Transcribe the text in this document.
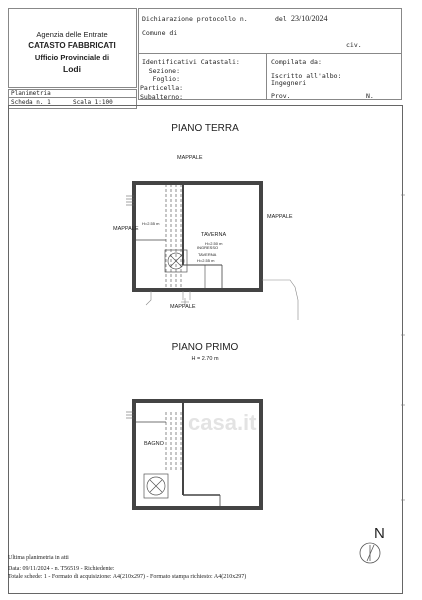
Agenzia delle Entrate
CATASTO FABBRICATI
Ufficio Provinciale di
Lodi
Dichiarazione protocollo n.	del 23/10/2024
Comune di
civ.
Identificativi Catastali:
Sezione:
Foglio:
Particella:
Subalterno:
Compilata da:
Iscritto all'albo:
Ingegneri
Prov.	N.
Planimetria
Scheda n. 1	Scala 1:100
PIANO TERRA
MAPPALE
MAPPALE
MAPPALE
MAPPALE
TAVERNA
H=2.50 m
H=2.55 m
INGRESSO
TAVERNA
H=2.55 m
PIANO PRIMO
H = 2.70 m
BAGNO
casa.it
N
Ultima planimetria in atti
Data: 09/11/2024 - n. T56519 - Richiedente:
Totale schede: 1 - Formato di acquisizione: A4(210x297) - Formato stampa richiesto: A4(210x297)
